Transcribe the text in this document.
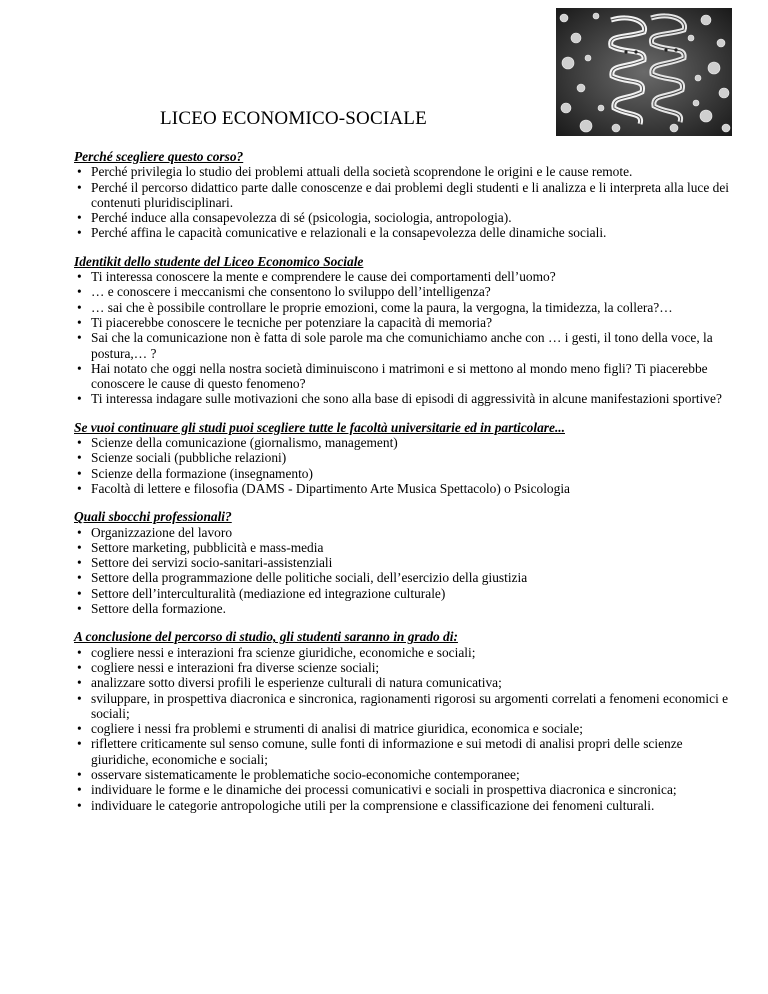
LICEO ECONOMICO-SOCIALE

Perché scegliere questo corso?

• Perché privilegia lo studio dei problemi attuali della società scoprendone le origini e le cause remote.
• Perché il percorso didattico parte dalle conoscenze e dai problemi degli studenti e li analizza e li interpreta alla luce dei contenuti pluridisciplinari.
• Perché induce alla consapevolezza di sé (psicologia, sociologia, antropologia).
• Perché affina le capacità comunicative e relazionali e la consapevolezza delle dinamiche sociali.

Identikit dello studente del Liceo Economico Sociale

• Ti interessa conoscere la mente e comprendere le cause dei comportamenti dell’uomo?
• … e conoscere i meccanismi che consentono lo sviluppo dell’intelligenza?
• … sai che è possibile controllare le proprie emozioni, come la paura, la vergogna, la timidezza, la collera?…
• Ti piacerebbe conoscere le tecniche per potenziare la capacità di memoria?
• Sai che la comunicazione non è fatta di sole parole ma che comunichiamo anche con … i gesti, il tono della voce, la postura,… ?
• Hai notato che oggi nella nostra società diminuiscono i matrimoni e si mettono al mondo meno figli? Ti piacerebbe conoscere le cause di questo fenomeno?
• Ti interessa indagare sulle motivazioni che sono alla base di episodi di aggressività in alcune manifestazioni sportive?

Se vuoi continuare gli studi puoi scegliere tutte le facoltà universitarie ed in particolare...

• Scienze della comunicazione (giornalismo, management)
• Scienze sociali (pubbliche relazioni)
• Scienze della formazione (insegnamento)
• Facoltà di lettere e filosofia (DAMS - Dipartimento Arte Musica Spettacolo) o Psicologia

Quali sbocchi professionali?

• Organizzazione del lavoro
• Settore marketing, pubblicità e mass-media
• Settore dei servizi socio-sanitari-assistenziali
• Settore della programmazione delle politiche sociali, dell’esercizio della giustizia
• Settore dell’interculturalità (mediazione ed integrazione culturale)
• Settore della formazione.

A conclusione del percorso di studio, gli studenti saranno in grado di:

• cogliere nessi e interazioni fra scienze giuridiche, economiche e sociali;
• cogliere nessi e interazioni fra diverse scienze sociali;
• analizzare sotto diversi profili le esperienze culturali di natura comunicativa;
• sviluppare, in prospettiva diacronica e sincronica, ragionamenti rigorosi su argomenti correlati a fenomeni economici e sociali;
• cogliere i nessi fra problemi e strumenti di analisi di matrice giuridica, economica e sociale;
• riflettere criticamente sul senso comune, sulle fonti di informazione e sui metodi di analisi propri delle scienze giuridiche, economiche e sociali;
• osservare sistematicamente le problematiche socio-economiche contemporanee;
• individuare le forme e le dinamiche dei processi comunicativi e sociali in prospettiva diacronica e sincronica;
• individuare le categorie antropologiche utili per la comprensione e classificazione dei fenomeni culturali.
